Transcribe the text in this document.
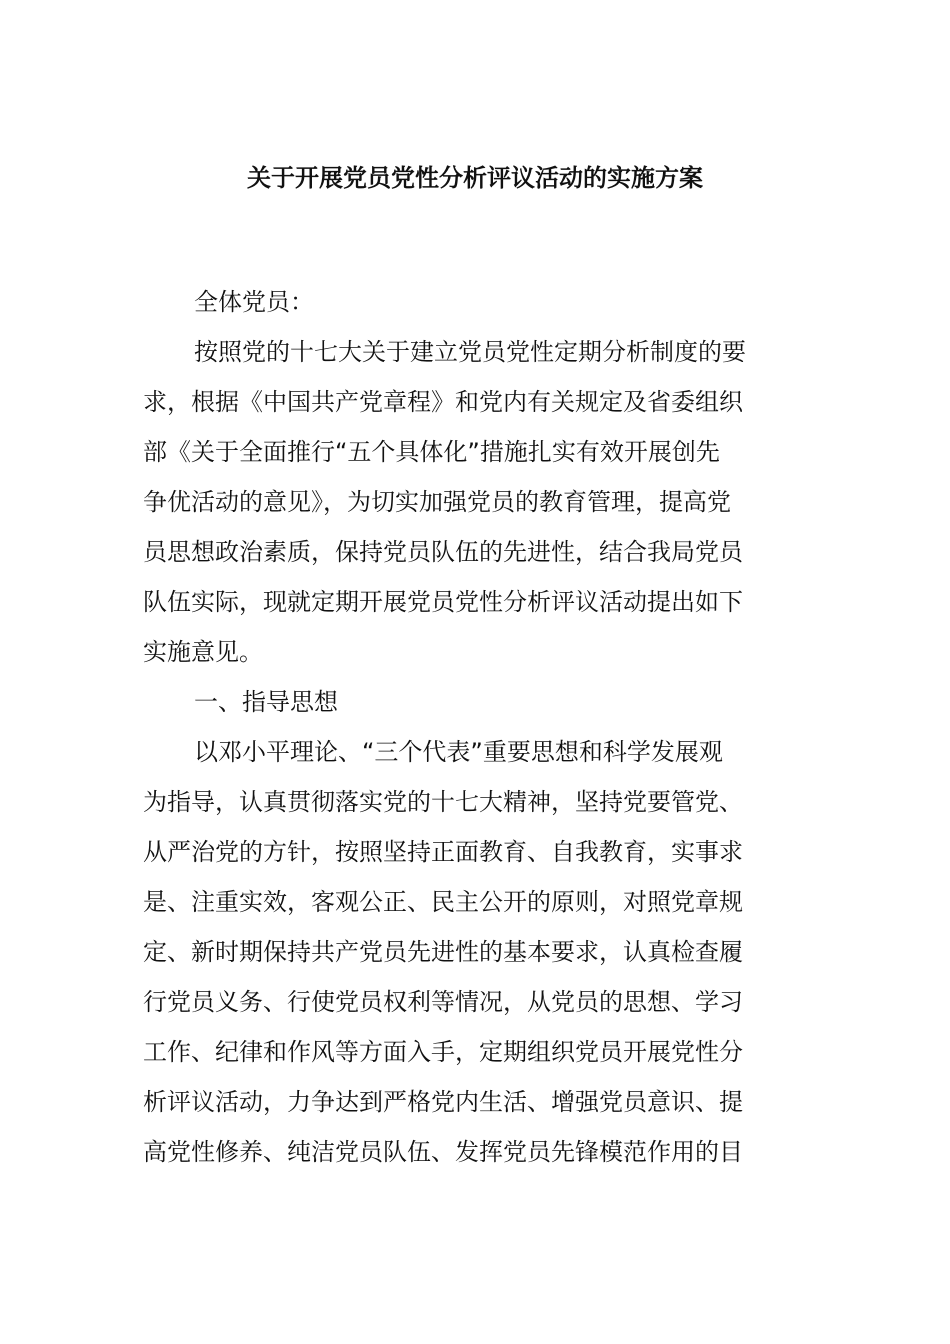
关于开展党员党性分析评议活动的实施方案
全体党员：
按照党的十七大关于建立党员党性定期分析制度的要
求，根据《中国共产党章程》和党内有关规定及省委组织
部《关于全面推行“五个具体化”措施扎实有效开展创先
争优活动的意见》，为切实加强党员的教育管理，提高党
员思想政治素质，保持党员队伍的先进性，结合我局党员
队伍实际，现就定期开展党员党性分析评议活动提出如下
实施意见。
一、指导思想
以邓小平理论、“三个代表”重要思想和科学发展观
为指导，认真贯彻落实党的十七大精神，坚持党要管党、
从严治党的方针，按照坚持正面教育、自我教育，实事求
是、注重实效，客观公正、民主公开的原则，对照党章规
定、新时期保持共产党员先进性的基本要求，认真检查履
行党员义务、行使党员权利等情况，从党员的思想、学习
工作、纪律和作风等方面入手，定期组织党员开展党性分
析评议活动，力争达到严格党内生活、增强党员意识、提
高党性修养、纯洁党员队伍、发挥党员先锋模范作用的目
